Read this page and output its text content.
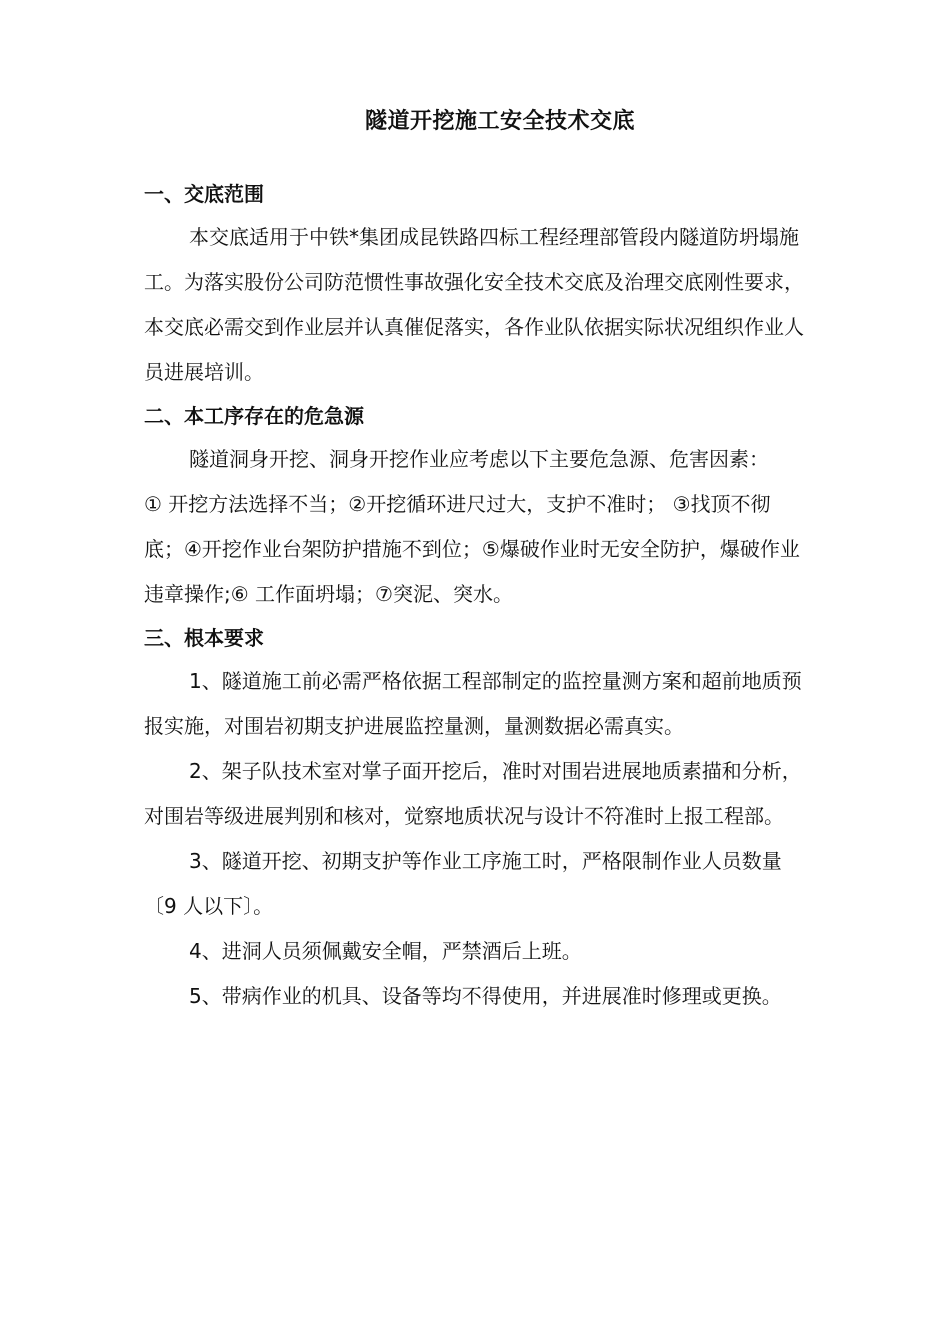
隧道开挖施工安全技术交底
一、交底范围

本交底适用于中铁*集团成昆铁路四标工程经理部管段内隧道防坍塌施工。为落实股份公司防范惯性事故强化安全技术交底及治理交底刚性要求，本交底必需交到作业层并认真催促落实，各作业队依据实际状况组织作业人员进展培训。

二、本工序存在的危急源

隧道洞身开挖、洞身开挖作业应考虑以下主要危急源、危害因素：

① 开挖方法选择不当；②开挖循环进尺过大，支护不准时； ③找顶不彻底；④开挖作业台架防护措施不到位；⑤爆破作业时无安全防护，爆破作业违章操作;⑥ 工作面坍塌；⑦突泥、突水。

三、根本要求

1、隧道施工前必需严格依据工程部制定的监控量测方案和超前地质预报实施，对围岩初期支护进展监控量测，量测数据必需真实。

2、架子队技术室对掌子面开挖后，准时对围岩进展地质素描和分析，对围岩等级进展判别和核对，觉察地质状况与设计不符准时上报工程部。

3、隧道开挖、初期支护等作业工序施工时，严格限制作业人员数量〔9 人以下〕。

4、进洞人员须佩戴安全帽，严禁酒后上班。

5、带病作业的机具、设备等均不得使用，并进展准时修理或更换。
